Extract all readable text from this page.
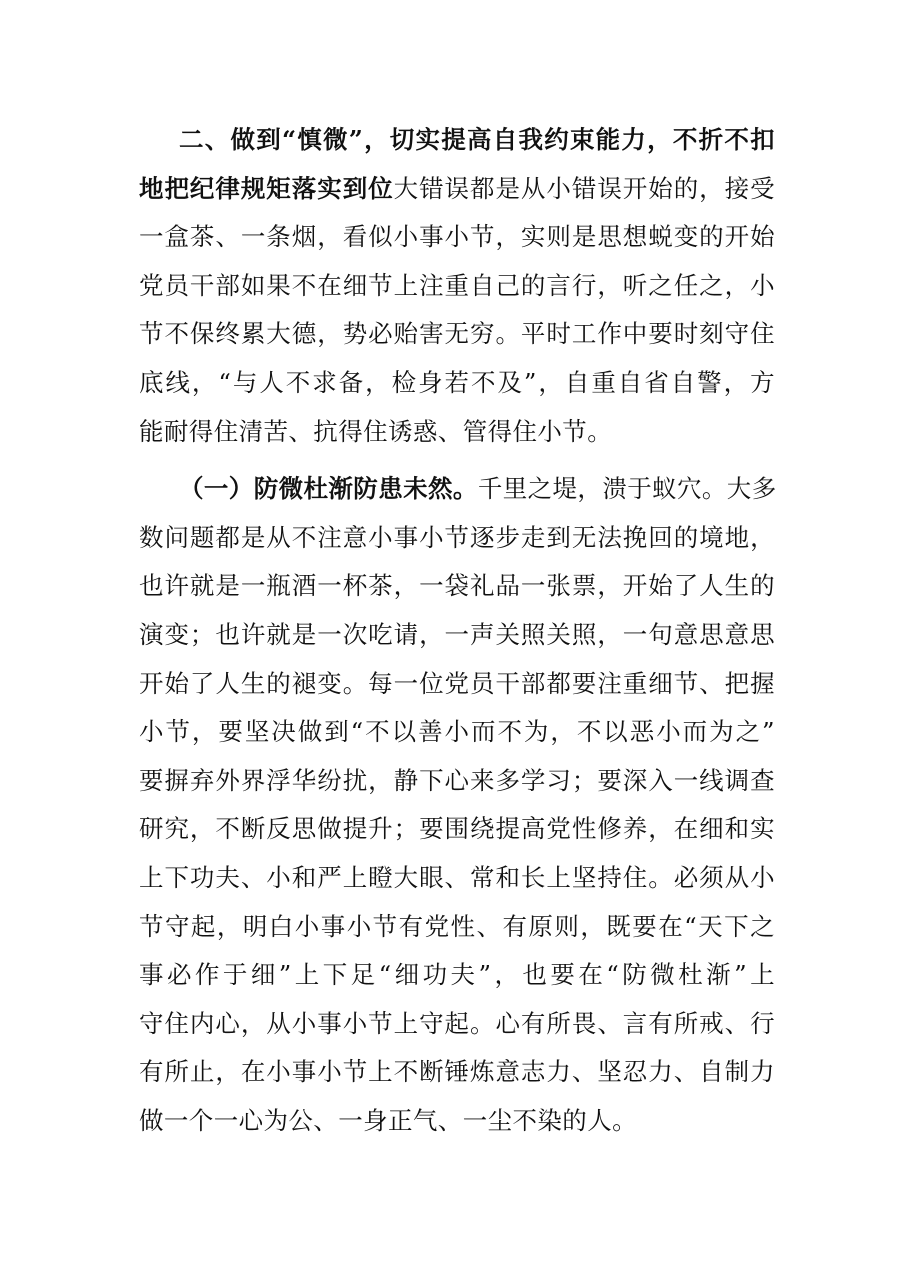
二、做到“慎微”，切实提高自我约束能力，不折不扣
地把纪律规矩落实到位大错误都是从小错误开始的，接受
一盒茶、一条烟，看似小事小节，实则是思想蜕变的开始
党员干部如果不在细节上注重自己的言行，听之任之，小
节不保终累大德，势必贻害无穷。平时工作中要时刻守住
底线，“与人不求备，检身若不及”，自重自省自警，方
能耐得住清苦、抗得住诱惑、管得住小节。

（一）防微杜渐防患未然。千里之堤，溃于蚁穴。大多
数问题都是从不注意小事小节逐步走到无法挽回的境地，
也许就是一瓶酒一杯茶，一袋礼品一张票，开始了人生的
演变；也许就是一次吃请，一声关照关照，一句意思意思
开始了人生的褪变。每一位党员干部都要注重细节、把握
小节，要坚决做到“不以善小而不为，不以恶小而为之”
要摒弃外界浮华纷扰，静下心来多学习；要深入一线调查
研究，不断反思做提升；要围绕提高党性修养，在细和实
上下功夫、小和严上瞪大眼、常和长上坚持住。必须从小
节守起，明白小事小节有党性、有原则，既要在“天下之
事必作于细”上下足“细功夫”，也要在“防微杜渐”上
守住内心，从小事小节上守起。心有所畏、言有所戒、行
有所止，在小事小节上不断锤炼意志力、坚忍力、自制力
做一个一心为公、一身正气、一尘不染的人。
